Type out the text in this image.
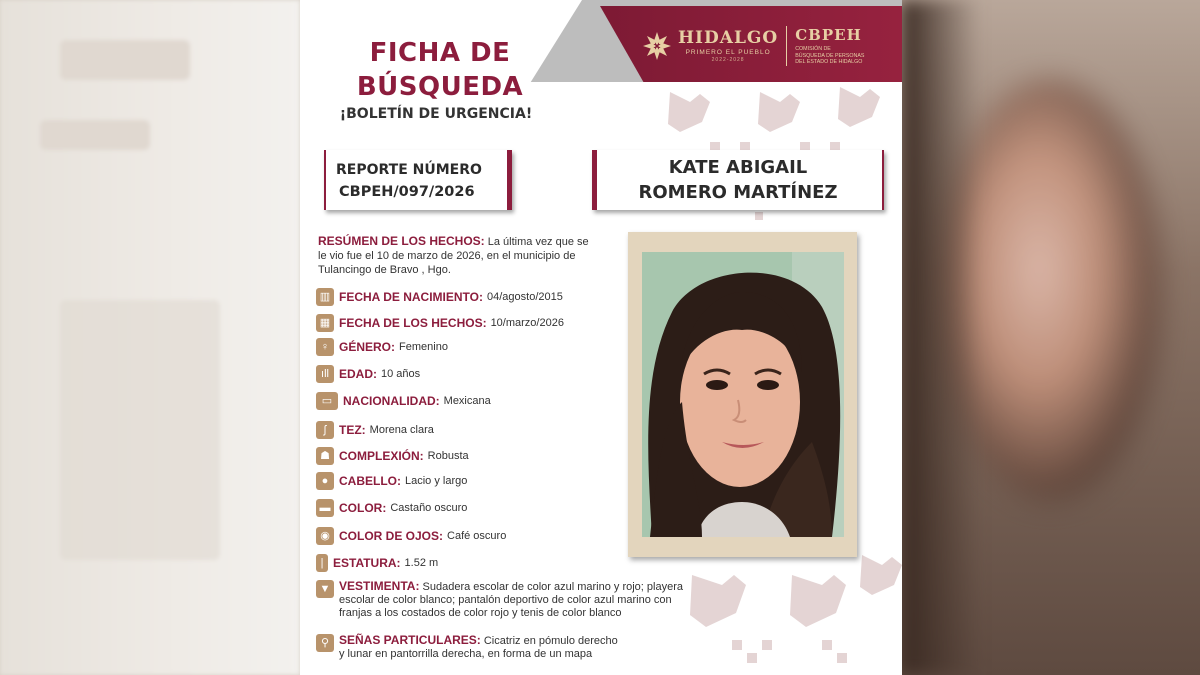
FICHA DE
BÚSQUEDA
¡BOLETÍN DE URGENCIA!
HIDALGO
PRIMERO EL PUEBLO
2022-2028
CBPEH
COMISIÓN DE
BÚSQUEDA DE PERSONAS
DEL ESTADO DE HIDALGO
REPORTE NÚMERO
CBPEH/097/2026
KATE ABIGAIL
ROMERO MARTÍNEZ
RESÚMEN DE LOS HECHOS: La última vez que se le vio fue el 10 de marzo de 2026, en el municipio de Tulancingo de Bravo , Hgo.
▥ FECHA DE NACIMIENTO: 04/agosto/2015
▦ FECHA DE LOS HECHOS: 10/marzo/2026
♀ GÉNERO: Femenino
ıll EDAD: 10 años
▭ NACIONALIDAD: Mexicana
ʃ	TEZ: Morena clara
☗ COMPLEXIÓN: Robusta
● CABELLO: Lacio y largo
▬ COLOR: Castaño oscuro
◉ COLOR DE OJOS: Café oscuro
| ESTATURA: 1.52 m
▼ VESTIMENTA: Sudadera escolar de color azul marino y rojo; playera escolar de color blanco; pantalón deportivo de color azul marino con franjas a los costados de color rojo y tenis de color blanco
⚲ SEÑAS PARTICULARES: Cicatriz en pómulo derecho y lunar en pantorrilla derecha, en forma de un mapa
